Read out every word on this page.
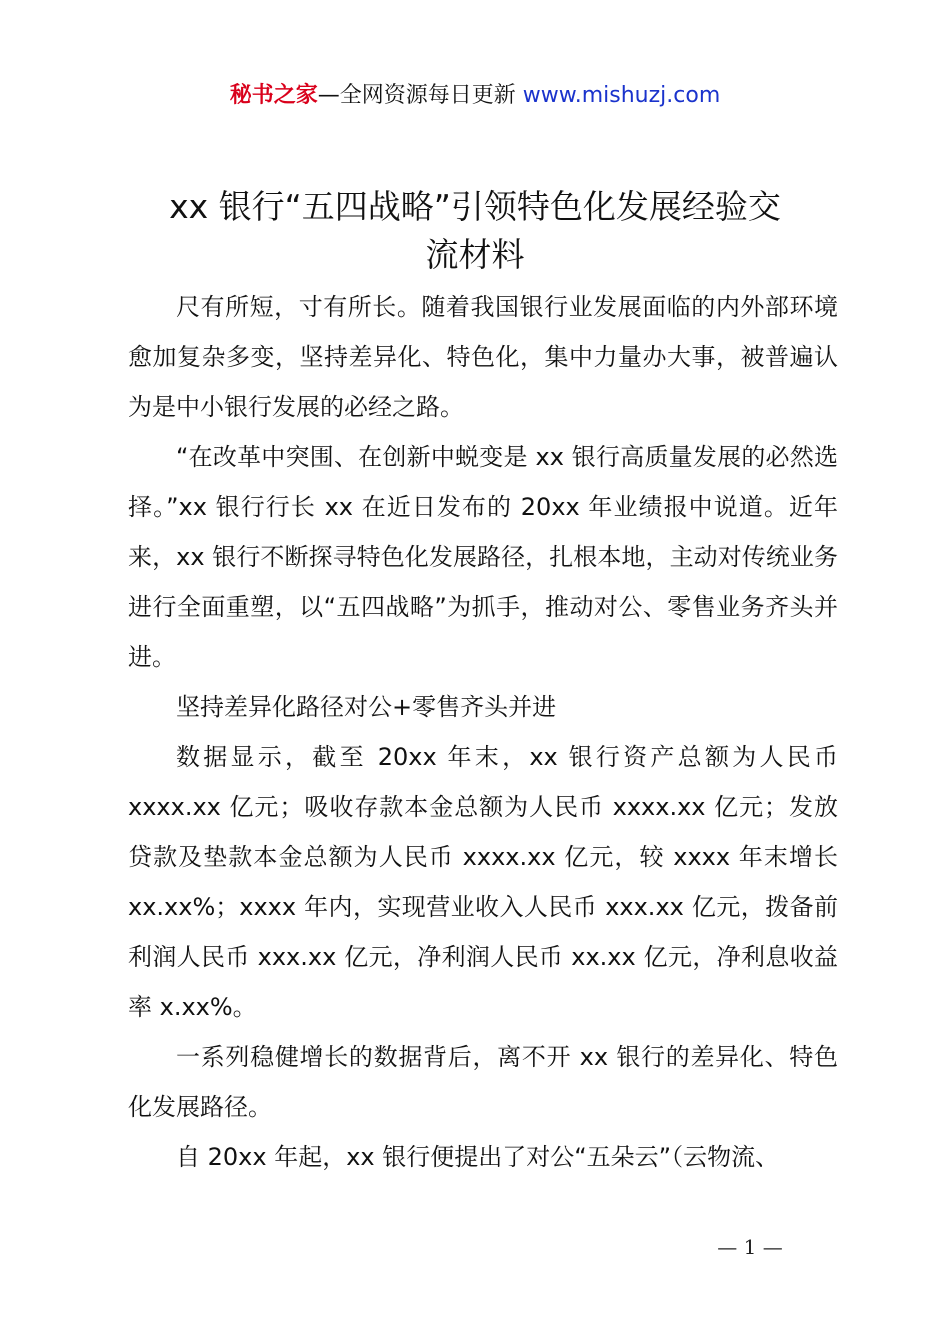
秘书之家—全网资源每日更新 www.mishuzj.com
xx 银行“五四战略”引领特色化发展经验交
流材料

尺有所短，寸有所长。随着我国银行业发展面临的内外部环境愈加复杂多变，坚持差异化、特色化，集中力量办大事，被普遍认为是中小银行发展的必经之路。

“在改革中突围、在创新中蜕变是 xx 银行高质量发展的必然选择。”xx 银行行长 xx 在近日发布的 20xx 年业绩报中说道。近年来，xx 银行不断探寻特色化发展路径，扎根本地，主动对传统业务进行全面重塑，以“五四战略”为抓手，推动对公、零售业务齐头并进。

坚持差异化路径对公+零售齐头并进

数据显示，截至 20xx 年末，xx 银行资产总额为人民币 xxxx.xx 亿元；吸收存款本金总额为人民币 xxxx.xx 亿元；发放贷款及垫款本金总额为人民币 xxxx.xx 亿元，较 xxxx 年末增长 xx.xx%；xxxx 年内，实现营业收入人民币 xxx.xx 亿元，拨备前利润人民币 xxx.xx 亿元，净利润人民币 xx.xx 亿元，净利息收益率 x.xx%。

一系列稳健增长的数据背后，离不开 xx 银行的差异化、特色化发展路径。

自 20xx 年起，xx 银行便提出了对公“五朵云”（云物流、

— 1 —
